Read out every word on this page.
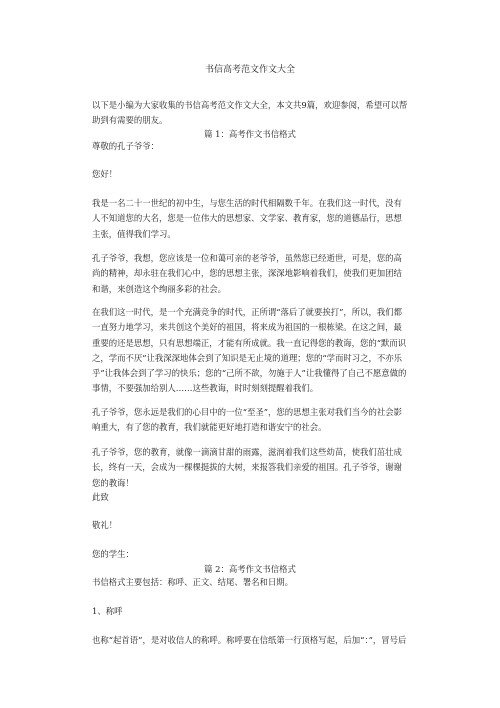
书信高考范文作文大全
以下是小编为大家收集的书信高考范文作文大全，本文共9篇，欢迎参阅，希望可以帮助到有需要的朋友。
篇 1：高考作文书信格式
尊敬的孔子爷爷：
您好！
我是一名二十一世纪的初中生，与您生活的时代相隔数千年。在我们这一时代，没有人不知道您的大名，您是一位伟大的思想家、文学家、教育家，您的道德品行，思想主张，值得我们学习。
孔子爷爷，我想，您应该是一位和蔼可亲的老爷爷，虽然您已经逝世，可是，您的高尚的精神，却永驻在我们心中，您的思想主张，深深地影响着我们，使我们更加团结和谐，来创造这个绚丽多彩的社会。
在我们这一时代，是一个充满竞争的时代，正所谓“落后了就要挨打”，所以，我们都一直努力地学习，来共创这个美好的祖国，将来成为祖国的一根栋梁。在这之间，最重要的还是思想，只有思想端正，才能有所成就。我一直记得您的教诲，您的“默而识之，学而不厌”让我深深地体会到了知识是无止境的道理；您的“学而时习之，不亦乐乎”让我体会到了学习的快乐；您的“己所不欲，勿施于人”让我懂得了自己不愿意做的事情，不要强加给别人……这些教诲，时时刻刻提醒着我们。
孔子爷爷，您永远是我们的心目中的一位“至圣”，您的思想主张对我们当今的社会影响重大，有了您的教育，我们就能更好地打造和谐安宁的社会。
孔子爷爷，您的教育，就像一滴滴甘甜的雨露，滋润着我们这些幼苗，使我们茁壮成长，终有一天，会成为一棵棵挺拔的大树，来报答我们亲爱的祖国。孔子爷爷，谢谢您的教诲！
此致
敬礼！
您的学生：
篇 2：高考作文书信格式
书信格式主要包括：称呼、正文、结尾、署名和日期。
1、称呼
也称“起首语”，是对收信人的称呼。称呼要在信纸第一行顶格写起，后加“：”，冒号后
